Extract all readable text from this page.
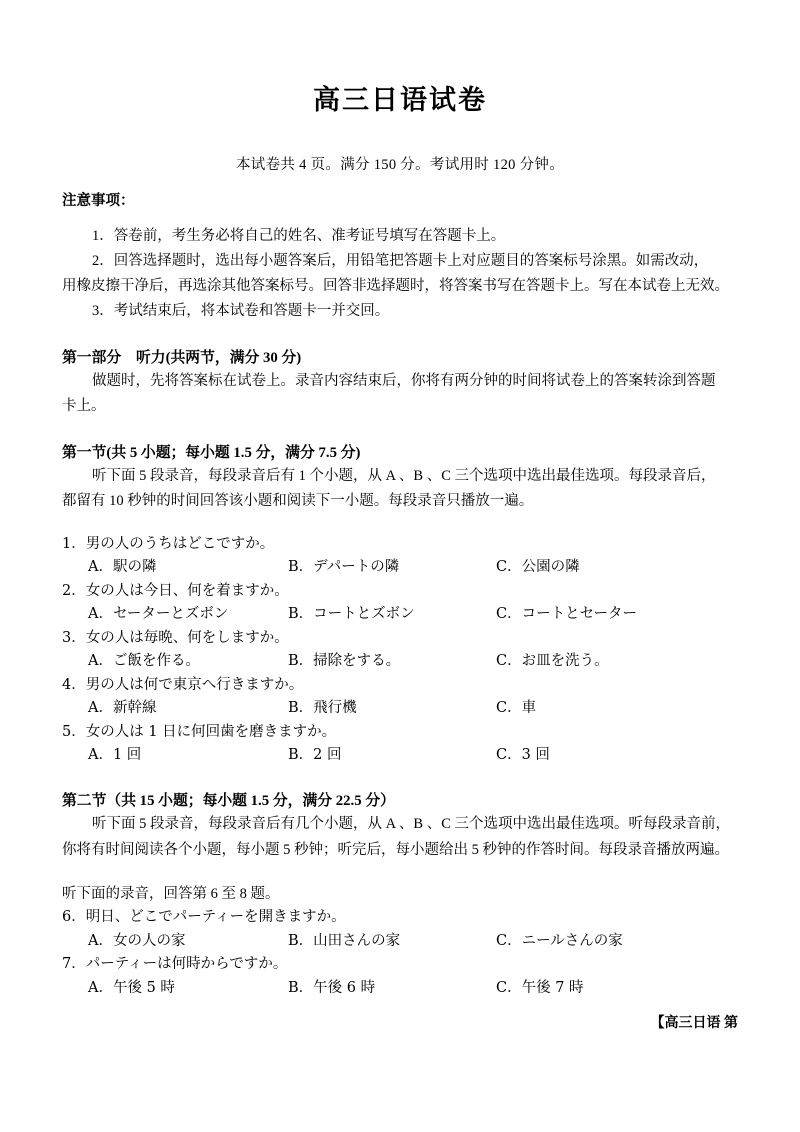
高三日语试卷

本试卷共 4 页。满分 150 分。考试用时 120 分钟。

注意事项：

1．答卷前，考生务必将自己的姓名、准考证号填写在答题卡上。

2．回答选择题时，选出每小题答案后，用铅笔把答题卡上对应题目的答案标号涂黑。如需改动，

用橡皮擦干净后，再选涂其他答案标号。回答非选择题时，将答案书写在答题卡上。写在本试卷上无效。

3．考试结束后，将本试卷和答题卡一并交回。

第一部分　听力(共两节，满分 30 分)

做题时，先将答案标在试卷上。录音内容结束后，你将有两分钟的时间将试卷上的答案转涂到答题

卡上。

第一节(共 5 小题；每小题 1.5 分，满分 7.5 分)

听下面 5 段录音，每段录音后有 1 个小题，从 A 、B 、C 三个选项中选出最佳选项。每段录音后，

都留有 10 秒钟的时间回答该小题和阅读下一小题。每段录音只播放一遍。

1．男の人のうちはどこですか。

A．駅の隣	B．デパートの隣	C．公園の隣

2．女の人は今日、何を着ますか。

A．セーターとズボン	B．コートとズボン	C．コートとセーター

3．女の人は毎晩、何をしますか。

A．ご飯を作る。	B．掃除をする。	C．お皿を洗う。

4．男の人は何で東京へ行きますか。

A．新幹線	B．飛行機	C．車

5．女の人は 1 日に何回歯を磨きますか。

A．1 回	B．2 回	C．3 回

第二节（共 15 小题；每小题 1.5 分，满分 22.5 分）

听下面 5 段录音，每段录音后有几个小题，从 A 、B 、C 三个选项中选出最佳选项。听每段录音前，

你将有时间阅读各个小题，每小题 5 秒钟；听完后，每小题给出 5 秒钟的作答时间。每段录音播放两遍。

听下面的录音，回答第 6 至 8 题。

6．明日、どこでパーティーを開きますか。

A．女の人の家	B．山田さんの家	C．ニールさんの家

7．パーティーは何時からですか。

A．午後 5 時	B．午後 6 時	C．午後 7 時

【高三日语 第
